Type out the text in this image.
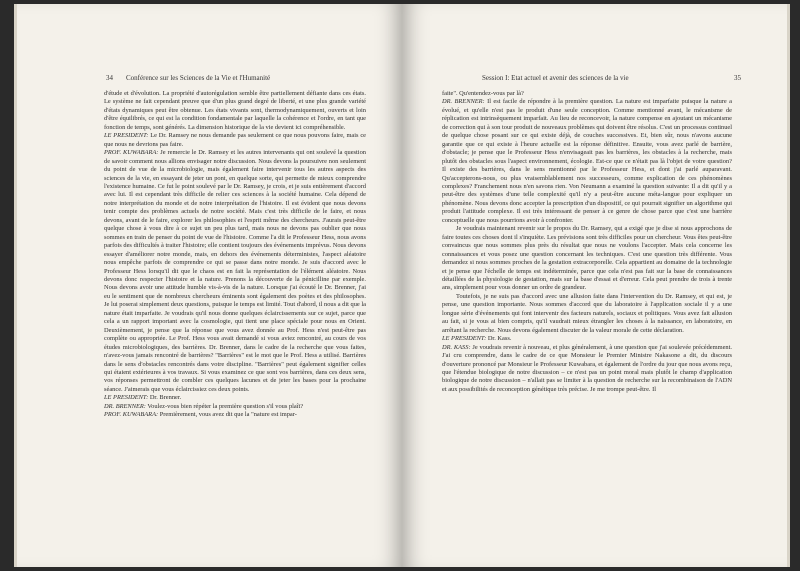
34 Conférence sur les Sciences de la Vie et l'Humanité

d'étude et d'évolution. La propriété d'autorégulation semble être partiellement défiante dans ces états. Le système ne fait cependant preuve que d'un plus grand degré de liberté, et une plus grande variété d'états dynamiques peut être obtenue. Les états vivants sont, thermodynamiquement, ouverts et loin d'être équilibrés, ce qui est la condition fondamentale par laquelle la cohérence et l'ordre, en tant que fonction de temps, sont générés. La dimension historique de la vie devient ici compréhensible.

LE PRESIDENT: Le Dr. Ramsey ne nous demande pas seulement ce que nous pouvons faire, mais ce que nous ne devrions pas faire.

PROF. KUWABARA: Je remercie le Dr. Ramsey et les autres intervenants qui ont soulevé la question de savoir comment nous allions envisager notre discussion. Nous devons la poursuivre non seulement du point de vue de la microbiologie, mais également faire intervenir tous les autres aspects des sciences de la vie, en essayant de jeter un pont, en quelque sorte, qui permette de mieux comprendre l'existence humaine. Ce fut le point soulevé par le Dr. Ramsey, je crois, et je suis entièrement d'accord avec lui. Il est cependant très difficile de relier ces sciences à la société humaine. Cela dépend de notre interprétation du monde et de notre interprétation de l'histoire. Il est évident que nous devons tenir compte des problèmes actuels de notre société. Mais c'est très difficile de le faire, et nous devons, avant de le faire, explorer les philosophies et l'esprit même des chercheurs. J'aurais peut-être quelque chose à vous dire à ce sujet un peu plus tard, mais nous ne devons pas oublier que nous sommes en train de penser du point de vue de l'histoire. Comme l'a dit le Professeur Hess, nous avons parfois des difficultés à traiter l'histoire; elle contient toujours des événements imprévus. Nous devons essayer d'améliorer notre monde, mais, en dehors des événements déterministes, l'aspect aléatoire nous empêche parfois de comprendre ce qui se passe dans notre monde. Je suis d'accord avec le Professeur Hess lorsqu'il dit que le chaos est en fait la représentation de l'élément aléatoire. Nous devons donc respecter l'histoire et la nature. Prenons la découverte de la pénicilline par exemple. Nous devons avoir une attitude humble vis-à-vis de la nature. Lorsque j'ai écouté le Dr. Brenner, j'ai eu le sentiment que de nombreux chercheurs éminents sont également des poètes et des philosophes. Je lui poserai simplement deux questions, puisque le temps est limité. Tout d'abord, il nous a dit que la nature était imparfaite. Je voudrais qu'il nous donne quelques éclaircissements sur ce sujet, parce que cela a un rapport important avec la cosmologie, qui tient une place spéciale pour nous en Orient. Deuxièmement, je pense que la réponse que vous avez donnée au Prof. Hess n'est peut-être pas complète ou appropriée. Le Prof. Hess vous avait demandé si vous aviez rencontré, au cours de vos études microbiologiques, des barrières. Dr. Brenner, dans le cadre de la recherche que vous faites, n'avez-vous jamais rencontré de barrières? "Barrières" est le mot que le Prof. Hess a utilisé. Barrières dans le sens d'obstacles rencontrés dans votre discipline. "Barrières" peut également signifier celles qui étaient extérieures à vos travaux. Si vous examinez ce que sont vos barrières, dans ces deux sens, vos réponses permettront de combler ces quelques lacunes et de jeter les bases pour la prochaine séance. J'aimerais que vous éclaircissiez ces deux points.

LE PRESIDENT: Dr. Brenner.

DR. BRENNER: Voulez-vous bien répéter la première question s'il vous plaît?

PROF. KUWABARA: Premièrement, vous avez dit que la "nature est impar-

Session I: Etat actuel et avenir des sciences de la vie	35

faite". Qu'entendez-vous par là?

DR. BRENNER: Il est facile de répondre à la première question. La nature est imparfaite puisque la nature a évolué, et qu'elle n'est pas le produit d'une seule conception. Comme mentionné avant, le mécanisme de réplication est intrinsèquement imparfait. Au lieu de reconcevoir, la nature compense en ajoutant un mécanisme de correction qui à son tour produit de nouveaux problèmes qui doivent être résolus. C'est un processus continuel de quelque chose posant sur ce qui existe déjà, de couches successives. Et, bien sûr, nous n'avons aucune garantie que ce qui existe à l'heure actuelle est la réponse définitive. Ensuite, vous avez parlé de barrière, d'obstacle; je pense que le Professeur Hess n'envisageait pas les barrières, les obstacles à la recherche, mais plutôt des obstacles sous l'aspect environnement, écologie. Est-ce que ce n'était pas là l'objet de votre question? Il existe des barrières, dans le sens mentionné par le Professeur Hess, et dont j'ai parlé auparavant. Qu'accepterons-nous, ou plus vraisemblablement nos successeurs, comme explication de ces phénomènes complexes? Franchement nous n'en savons rien. Von Neumann a examiné la question suivante: Il a dit qu'il y a peut-être des systèmes d'une telle complexité qu'il n'y a peut-être aucune méta-langue pour expliquer un phénomène. Nous devons donc accepter la prescription d'un dispositif, ce qui pourrait signifier un algorithme qui produit l'attitude complexe. Il est très intéressant de penser à ce genre de chose parce que c'est une barrière conceptuelle que nous pourrions avoir à confronter.

Je voudrais maintenant revenir sur le propos du Dr. Ramsey, qui a exigé que je dise si nous approchons de faire toutes ces choses dont il s'inquiète. Les prévisions sont très difficiles pour un chercheur. Vous êtes peut-être convaincus que nous sommes plus près du résultat que nous ne voulons l'accepter. Mais cela concerne les connaissances et vous posez une question concernant les techniques. C'est une question très différente. Vous demandez si nous sommes proches de la gestation extracorporelle. Cela appartient au domaine de la technologie et je pense que l'échelle de temps est indéterminée, parce que cela n'est pas fait sur la base de connaissances détaillées de la physiologie de gestation, mais sur la base d'essai et d'erreur. Cela peut prendre de trois à trente ans, simplement pour vous donner un ordre de grandeur.

Toutefois, je ne suis pas d'accord avec une allusion faite dans l'intervention du Dr. Ramsey, et qui est, je pense, une question importante. Nous sommes d'accord que du laboratoire à l'application sociale il y a une longue série d'événements qui font intervenir des facteurs naturels, sociaux et politiques. Vous avez fait allusion au fait, si je vous ai bien compris, qu'il vaudrait mieux étrangler les choses à la naissance, en laboratoire, en arrêtant la recherche. Nous devons également discuter de la valeur morale de cette déclaration.

LE PRESIDENT: Dr. Kass.

DR. KASS: Je voudrais revenir à nouveau, et plus généralement, à une question que j'ai soulevée précédemment. J'ai cru comprendre, dans le cadre de ce que Monsieur le Premier Ministre Nakasone a dit, du discours d'ouverture prononcé par Monsieur le Professeur Kuwabara, et également de l'ordre du jour que nous avons reçu, que l'étendue biologique de notre discussion – ce n'est pas un point moral mais plutôt le champ d'application biologique de notre discussion – n'allait pas se limiter à la question de recherche sur la recombinaison de l'ADN et aux possibilités de reconception génétique très précise. Je me trompe peut-être. Il
